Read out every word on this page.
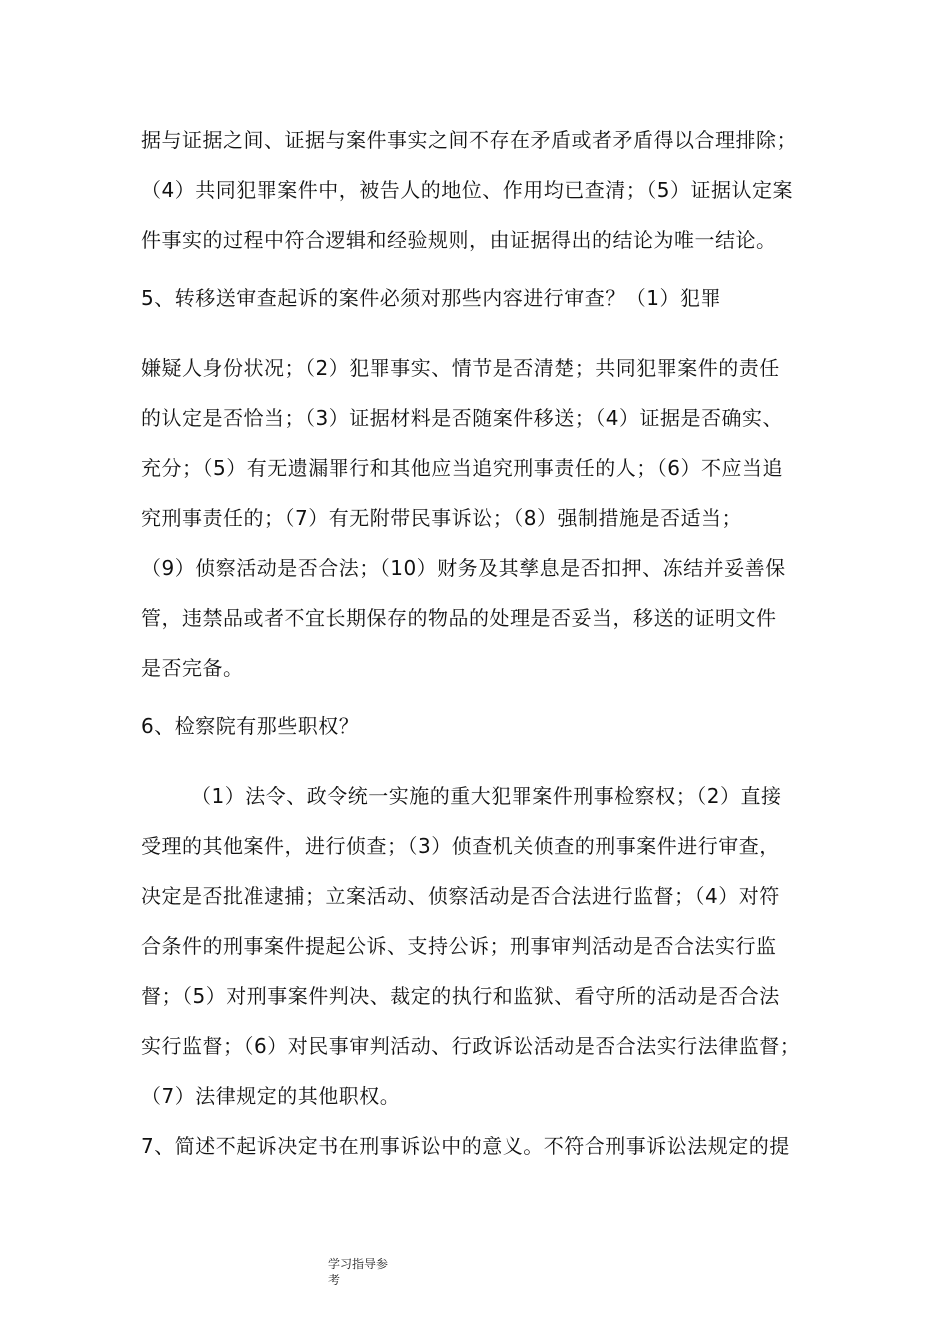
据与证据之间、证据与案件事实之间不存在矛盾或者矛盾得以合理排除；
（4）共同犯罪案件中，被告人的地位、作用均已查清；（5）证据认定案
件事实的过程中符合逻辑和经验规则，由证据得出的结论为唯一结论。
5、转移送审查起诉的案件必须对那些内容进行审查？（1）犯罪
嫌疑人身份状况；（2）犯罪事实、情节是否清楚；共同犯罪案件的责任
的认定是否恰当；（3）证据材料是否随案件移送；（4）证据是否确实、
充分；（5）有无遗漏罪行和其他应当追究刑事责任的人；（6）不应当追
究刑事责任的；（7）有无附带民事诉讼；（8）强制措施是否适当；
（9）侦察活动是否合法；（10）财务及其孳息是否扣押、冻结并妥善保
管，违禁品或者不宜长期保存的物品的处理是否妥当，移送的证明文件
是否完备。
6、检察院有那些职权？
（1）法令、政令统一实施的重大犯罪案件刑事检察权；（2）直接
受理的其他案件，进行侦查；（3）侦查机关侦查的刑事案件进行审查，
决定是否批准逮捕；立案活动、侦察活动是否合法进行监督；（4）对符
合条件的刑事案件提起公诉、支持公诉；刑事审判活动是否合法实行监
督；（5）对刑事案件判决、裁定的执行和监狱、看守所的活动是否合法
实行监督；（6）对民事审判活动、行政诉讼活动是否合法实行法律监督；
（7）法律规定的其他职权。
7、简述不起诉决定书在刑事诉讼中的意义。不符合刑事诉讼法规定的提
学习指导参
考
